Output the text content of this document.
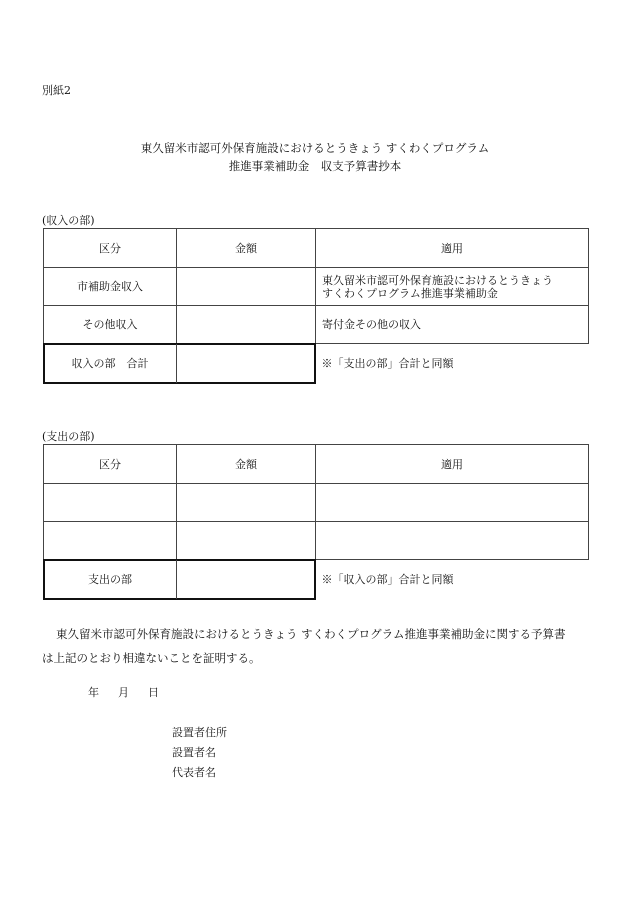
別紙2
東久留米市認可外保育施設におけるとうきょう すくわくプログラム
推進事業補助金　収支予算書抄本
(収入の部)
区分	金額	適用
市補助金収入		東久留米市認可外保育施設におけるとうきょう
すくわくプログラム推進事業補助金

その他収入		寄付金その他の収入
収入の部　合計		※「支出の部」合計と同額
(支出の部)
区分	金額	適用

支出の部		※「収入の部」合計と同額
東久留米市認可外保育施設におけるとうきょう すくわくプログラム推進事業補助金に関する予算書
は上記のとおり相違ないことを証明する。
年 月 日
設置者住所
設置者名
代表者名
